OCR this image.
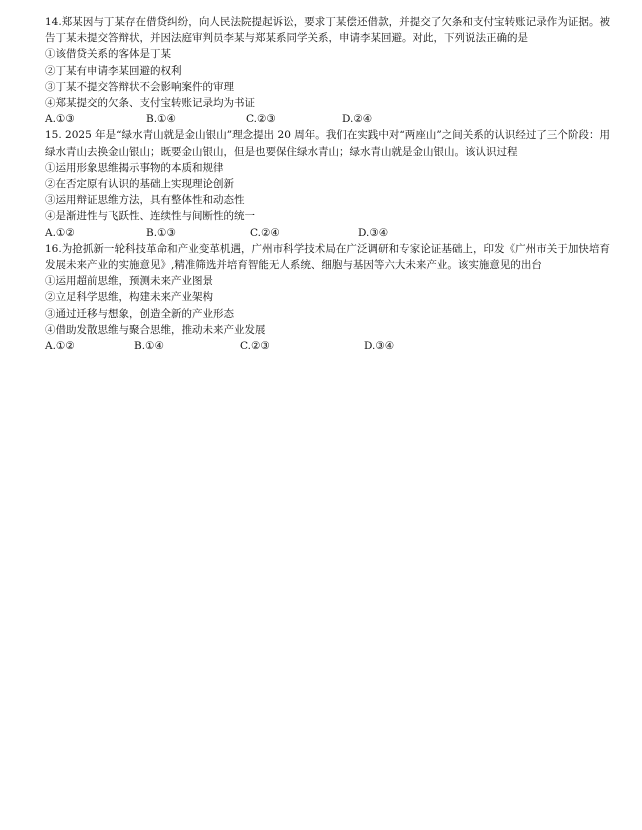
14.郑某因与丁某存在借贷纠纷，向人民法院提起诉讼，要求丁某偿还借款，并提交了欠条和支付宝转账记录作为证据。被告丁某未提交答辩状，并因法庭审判员李某与郑某系同学关系，申请李某回避。对此，下列说法正确的是

①该借贷关系的客体是丁某

②丁某有申请李某回避的权利

③丁某不提交答辩状不会影响案件的审理

④郑某提交的欠条、支付宝转账记录均为书证

A.①③	B.①④	C.②③	D.②④

15. 2025 年是“绿水青山就是金山银山”理念提出 20 周年。我们在实践中对“两座山”之间关系的认识经过了三个阶段：用绿水青山去换金山银山；既要金山银山，但是也要保住绿水青山；绿水青山就是金山银山。该认识过程

①运用形象思维揭示事物的本质和规律

②在否定原有认识的基础上实现理论创新

③运用辩证思维方法，具有整体性和动态性

④是渐进性与飞跃性、连续性与间断性的统一

A.①②	B.①③	C.②④	D.③④

16.为抢抓新一轮科技革命和产业变革机遇，广州市科学技术局在广泛调研和专家论证基础上，印发《广州市关于加快培育发展未来产业的实施意见》,精准筛选并培育智能无人系统、细胞与基因等六大未来产业。该实施意见的出台

①运用超前思维，预测未来产业图景

②立足科学思维，构建未来产业架构

③通过迁移与想象，创造全新的产业形态

④借助发散思维与聚合思维，推动未来产业发展

A.①②	B.①④	C.②③	D.③④
